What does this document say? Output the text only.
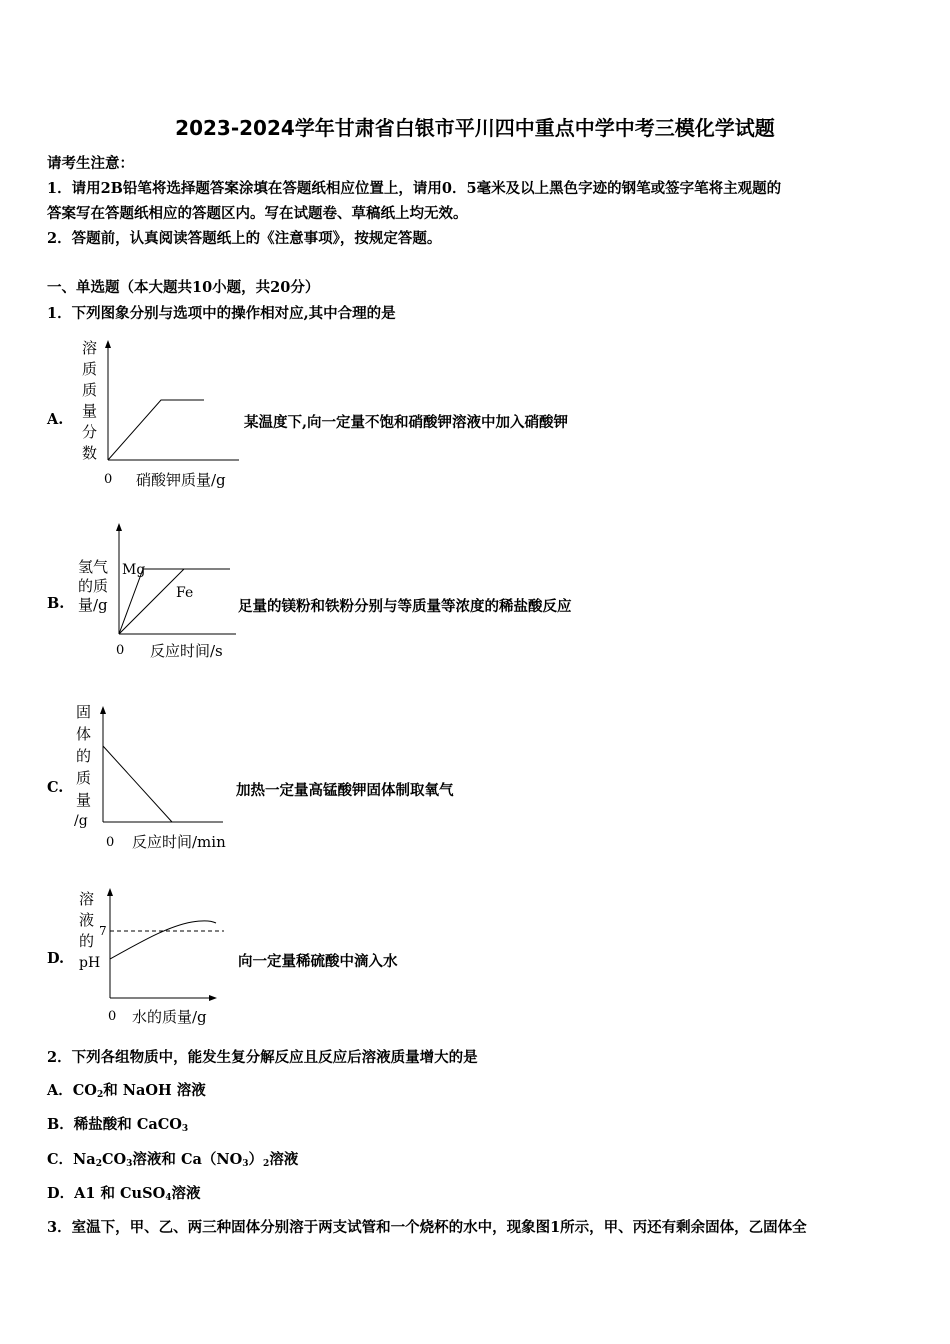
2023-2024学年甘肃省白银市平川四中重点中学中考三模化学试题
请考生注意：
1．请用2B铅笔将选择题答案涂填在答题纸相应位置上，请用0．5毫米及以上黑色字迹的钢笔或签字笔将主观题的
答案写在答题纸相应的答题区内。写在试题卷、草稿纸上均无效。
2．答题前，认真阅读答题纸上的《注意事项》，按规定答题。
一、单选题（本大题共10小题，共20分）
1．下列图象分别与选项中的操作相对应,其中合理的是
A.
溶
质
质
量
分
数
0 硝酸钾质量/g
某温度下,向一定量不饱和硝酸钾溶液中加入硝酸钾
B.
氢气
的质
量/g
Mg
Fe
0 反应时间/s
足量的镁粉和铁粉分别与等质量等浓度的稀盐酸反应
C.
固
体
的
质
量
/g
0 反应时间/min
加热一定量高锰酸钾固体制取氧气
D.
溶
液
的
pH
7
0 水的质量/g
向一定量稀硫酸中滴入水
2．下列各组物质中，能发生复分解反应且反应后溶液质量增大的是
A．$CO_2$和 NaOH 溶液
B．稀盐酸和 CaCO$_3$
C．$Na_2CO_3$溶液和 $Ca(NO_3)_2$溶液
D．A1 和 CuSO$_4$溶液
3．室温下，甲、乙、两三种固体分别溶于两支试管和一个烧杯的水中，现象图1所示，甲、丙还有剩余固体，乙固体全
